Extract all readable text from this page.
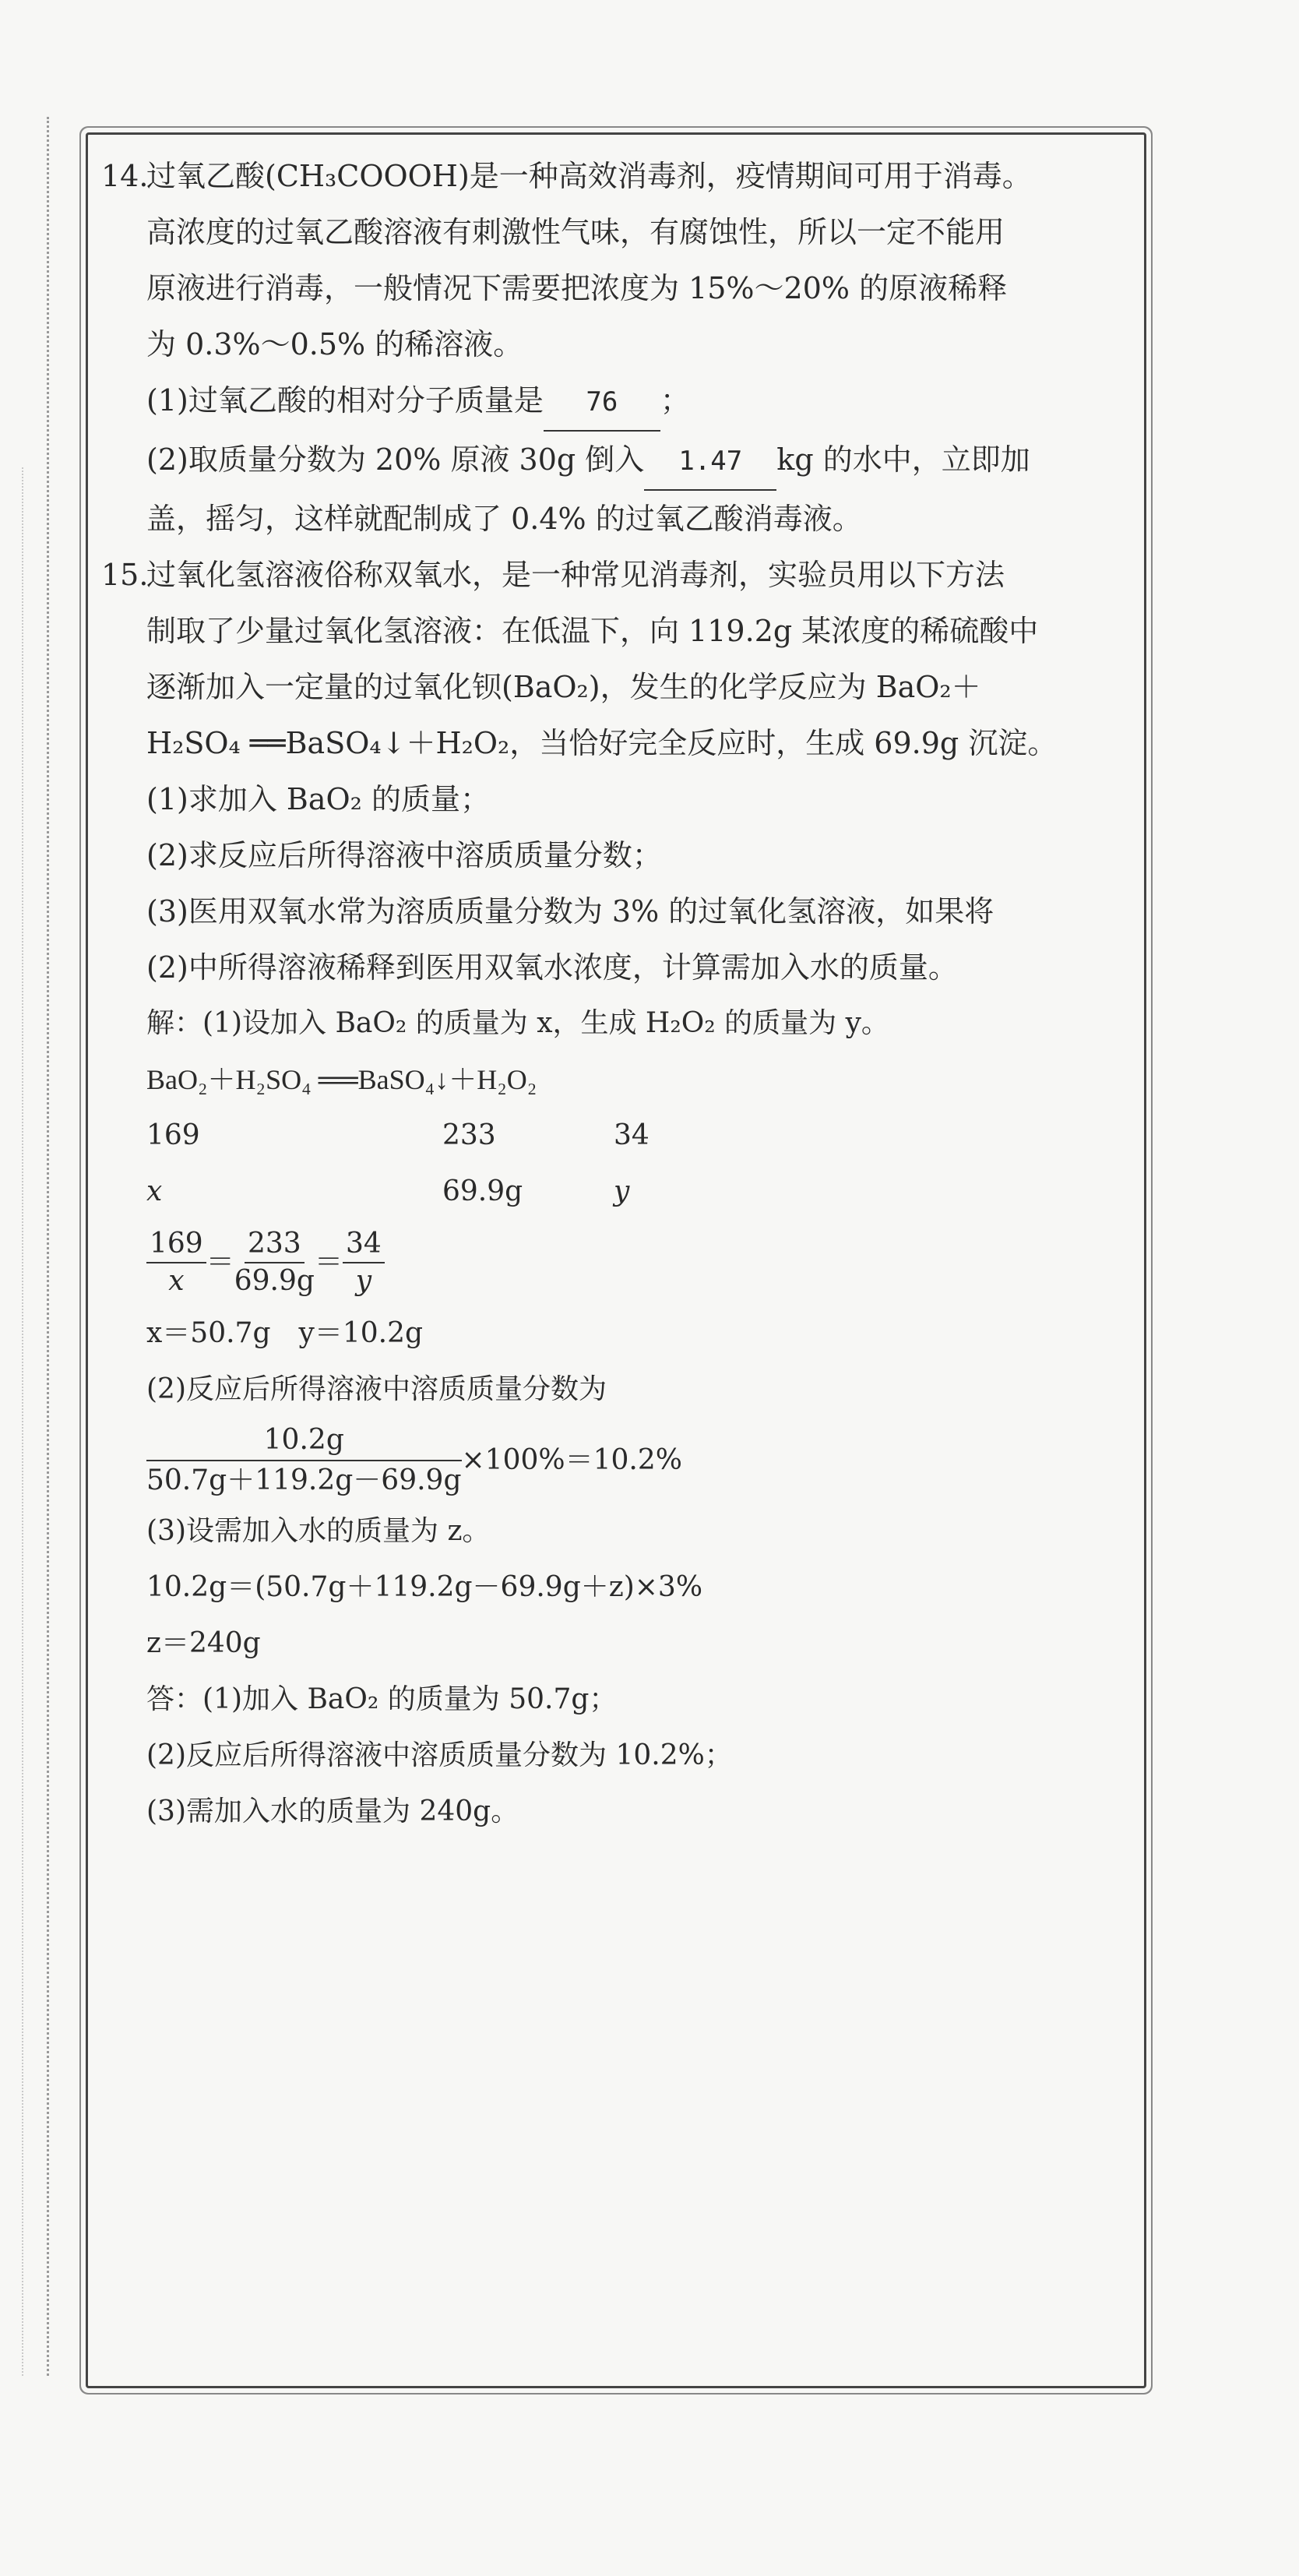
14.过氧乙酸(CH₃COOOH)是一种高效消毒剂，疫情期间可用于消毒。
高浓度的过氧乙酸溶液有刺激性气味，有腐蚀性，所以一定不能用
原液进行消毒，一般情况下需要把浓度为 15%～20% 的原液稀释
为 0.3%～0.5% 的稀溶液。
(1)过氧乙酸的相对分子质量是 76 ；
(2)取质量分数为 20% 原液 30g 倒入 1.47 kg 的水中，立即加
盖，摇匀，这样就配制成了 0.4% 的过氧乙酸消毒液。
15.过氧化氢溶液俗称双氧水，是一种常见消毒剂，实验员用以下方法
制取了少量过氧化氢溶液：在低温下，向 119.2g 某浓度的稀硫酸中
逐渐加入一定量的过氧化钡(BaO₂)，发生的化学反应为 BaO₂＋
H₂SO₄ ══BaSO₄↓＋H₂O₂，当恰好完全反应时，生成 69.9g 沉淀。
(1)求加入 BaO₂ 的质量；
(2)求反应后所得溶液中溶质质量分数；
(3)医用双氧水常为溶质质量分数为 3% 的过氧化氢溶液，如果将
(2)中所得溶液稀释到医用双氧水浓度，计算需加入水的质量。
解：(1)设加入 BaO₂ 的质量为 x，生成 H₂O₂ 的质量为 y。
BaO₂＋H₂SO₄ ══BaSO₄↓＋H₂O₂
169	233	34
x	69.9g	y
$\frac{169}{x} = \frac{233}{69.9g} = \frac{34}{y}$
x＝50.7g　y＝10.2g
(2)反应后所得溶液中溶质质量分数为
$\frac{10.2g}{50.7g+119.2g-69.9g} \times 100\%=10.2\%$
(3)设需加入水的质量为 z。
10.2g＝(50.7g＋119.2g－69.9g＋z)×3%
z＝240g
答：(1)加入 BaO₂ 的质量为 50.7g；
(2)反应后所得溶液中溶质质量分数为 10.2%；
(3)需加入水的质量为 240g。
